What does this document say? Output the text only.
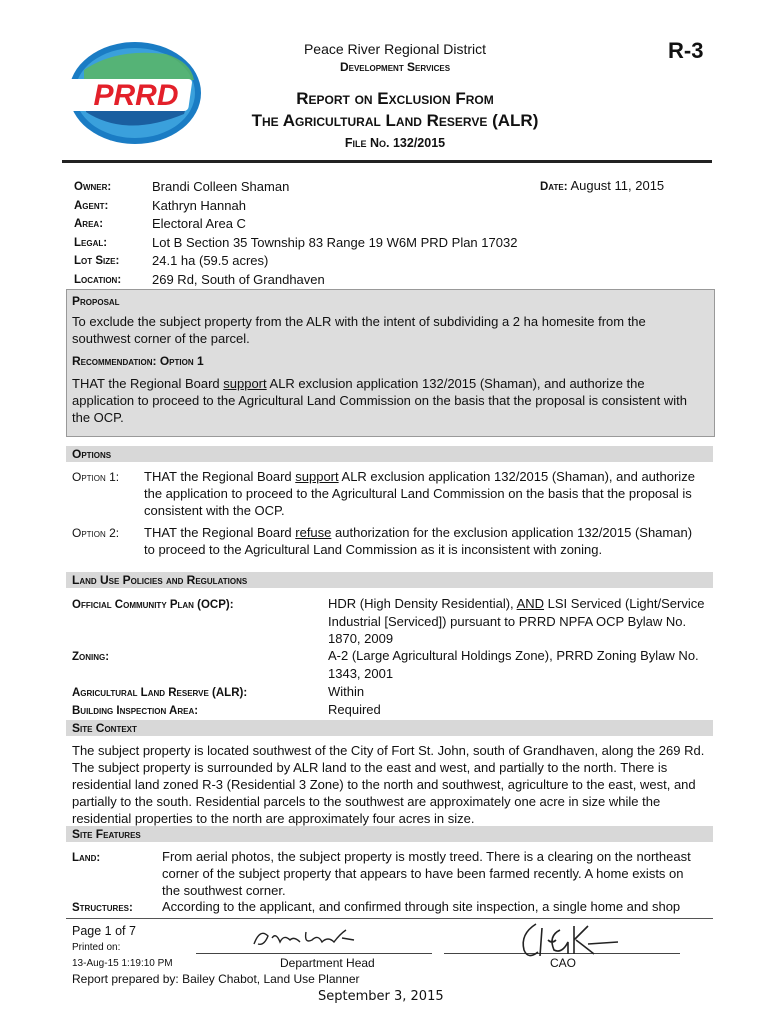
PRRD
Peace River Regional District
Development Services
R-3
Report on Exclusion From
The Agricultural Land Reserve (ALR)
File No. 132/2015
Owner:	Brandi Colleen Shaman
Agent:	Kathryn Hannah
Area:	Electoral Area C
Legal:	Lot B Section 35 Township 83 Range 19 W6M PRD Plan 17032
Lot Size:	24.1 ha (59.5 acres)
Location:	269 Rd, South of Grandhaven
Date: August 11, 2015
Proposal
To exclude the subject property from the ALR with the intent of subdividing a 2 ha homesite from the southwest corner of the parcel.
Recommendation: Option 1
THAT the Regional Board support ALR exclusion application 132/2015 (Shaman), and authorize the application to proceed to the Agricultural Land Commission on the basis that the proposal is consistent with the OCP.
Options
Option 1: THAT the Regional Board support ALR exclusion application 132/2015 (Shaman), and authorize the application to proceed to the Agricultural Land Commission on the basis that the proposal is consistent with the OCP.
Option 2: THAT the Regional Board refuse authorization for the exclusion application 132/2015 (Shaman) to proceed to the Agricultural Land Commission as it is inconsistent with zoning.
Land Use Policies and Regulations
Official Community Plan (OCP):	HDR (High Density Residential), AND LSI Serviced (Light/Service Industrial [Serviced]) pursuant to PRRD NPFA OCP Bylaw No. 1870, 2009
Zoning:	A-2 (Large Agricultural Holdings Zone), PRRD Zoning Bylaw No. 1343, 2001
Agricultural Land Reserve (ALR):	Within
Building Inspection Area:	Required
Site Context
The subject property is located southwest of the City of Fort St. John, south of Grandhaven, along the 269 Rd. The subject property is surrounded by ALR land to the east and west, and partially to the north. There is residential land zoned R-3 (Residential 3 Zone) to the north and southwest, agriculture to the east, west, and partially to the south. Residential parcels to the southwest are approximately one acre in size while the residential properties to the north are approximately four acres in size.
Site Features
Land:	From aerial photos, the subject property is mostly treed. There is a clearing on the northeast corner of the subject property that appears to have been farmed recently. A home exists on the southwest corner.
Structures: According to the applicant, and confirmed through site inspection, a single home and shop
Page 1 of 7
Printed on:
13-Aug-15 1:19:10 PM	Department Head	CAO
Report prepared by: Bailey Chabot, Land Use Planner
September 3, 2015
